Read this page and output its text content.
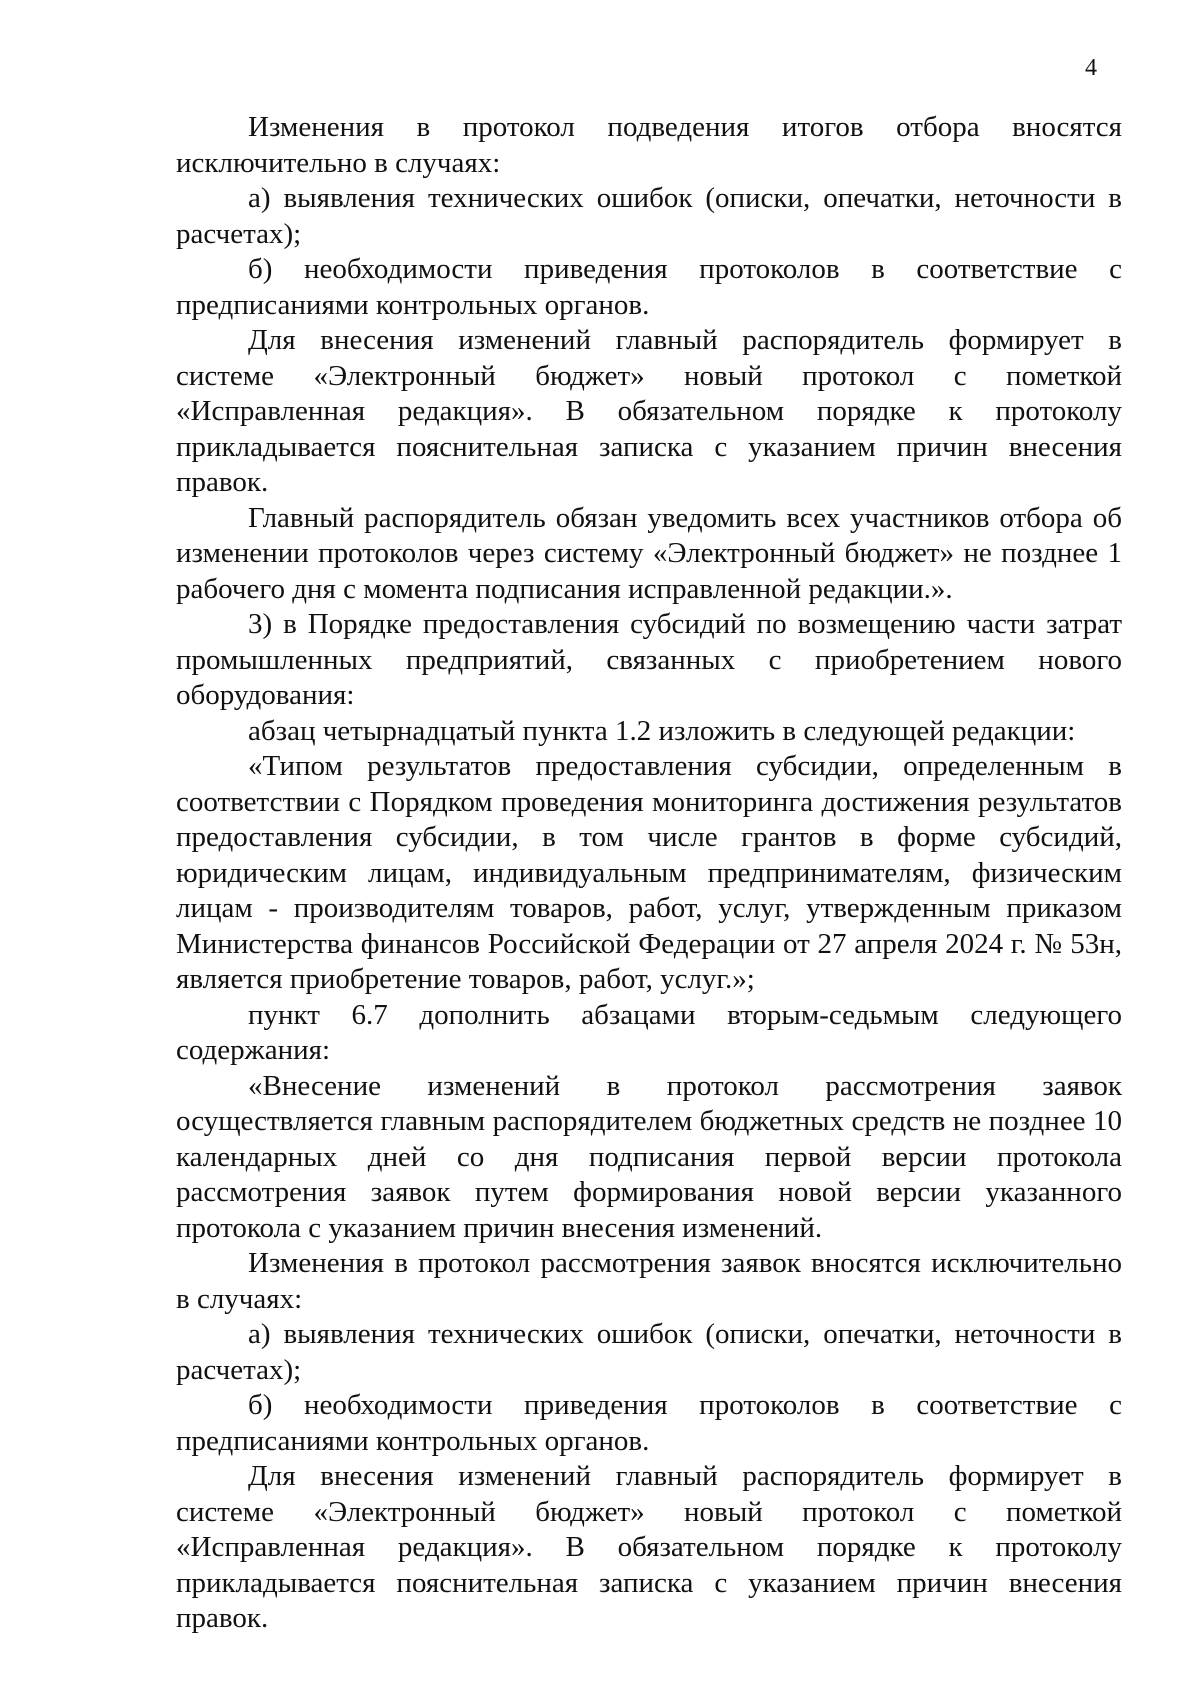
4

Изменения в протокол подведения итогов отбора вносятся исключительно в случаях:

а) выявления технических ошибок (описки, опечатки, неточности в расчетах);

б) необходимости приведения протоколов в соответствие с предписаниями контрольных органов.

Для внесения изменений главный распорядитель формирует в системе «Электронный бюджет» новый протокол с пометкой «Исправленная редакция». В обязательном порядке к протоколу прикладывается пояснительная записка с указанием причин внесения правок.

Главный распорядитель обязан уведомить всех участников отбора об изменении протоколов через систему «Электронный бюджет» не позднее 1 рабочего дня с момента подписания исправленной редакции.».

3) в Порядке предоставления субсидий по возмещению части затрат промышленных предприятий, связанных с приобретением нового оборудования:

абзац четырнадцатый пункта 1.2 изложить в следующей редакции:

«Типом результатов предоставления субсидии, определенным в соответствии с Порядком проведения мониторинга достижения результатов предоставления субсидии, в том числе грантов в форме субсидий, юридическим лицам, индивидуальным предпринимателям, физическим лицам - производителям товаров, работ, услуг, утвержденным приказом Министерства финансов Российской Федерации от 27 апреля 2024 г. № 53н, является приобретение товаров, работ, услуг.»;

пункт 6.7 дополнить абзацами вторым-седьмым следующего содержания:

«Внесение изменений в протокол рассмотрения заявок осуществляется главным распорядителем бюджетных средств не позднее 10 календарных дней со дня подписания первой версии протокола рассмотрения заявок путем формирования новой версии указанного протокола с указанием причин внесения изменений.

Изменения в протокол рассмотрения заявок вносятся исключительно в случаях:

а) выявления технических ошибок (описки, опечатки, неточности в расчетах);

б) необходимости приведения протоколов в соответствие с предписаниями контрольных органов.

Для внесения изменений главный распорядитель формирует в системе «Электронный бюджет» новый протокол с пометкой «Исправленная редакция». В обязательном порядке к протоколу прикладывается пояснительная записка с указанием причин внесения правок.
